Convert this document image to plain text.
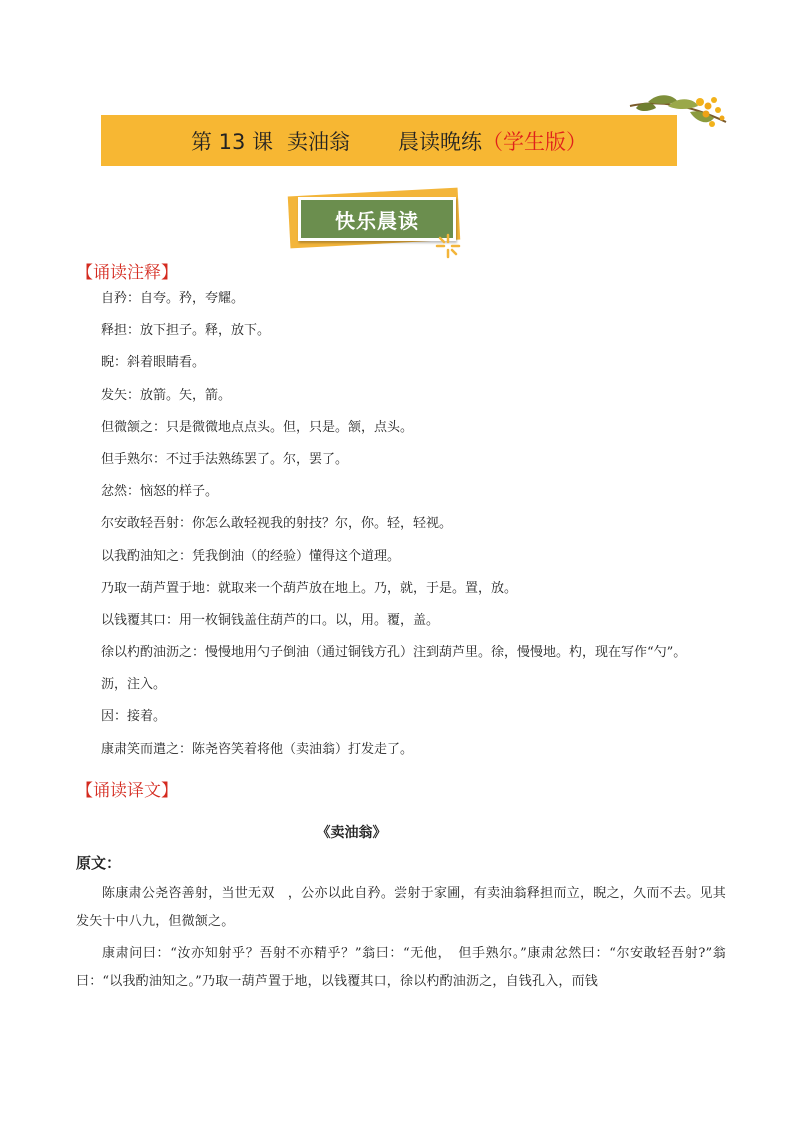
第 13 课 卖油翁 晨读晚练 （学生版）
快乐晨读
【诵读注释】
自矜：自夸。矜，夸耀。
释担：放下担子。释，放下。
睨：斜着眼睛看。
发矢：放箭。矢，箭。
但微颔之：只是微微地点点头。但，只是。颔，点头。
但手熟尔：不过手法熟练罢了。尔，罢了。
忿然：恼怒的样子。
尔安敢轻吾射：你怎么敢轻视我的射技？尔，你。轻，轻视。
以我酌油知之：凭我倒油（的经验）懂得这个道理。
乃取一葫芦置于地：就取来一个葫芦放在地上。乃，就，于是。置，放。
以钱覆其口：用一枚铜钱盖住葫芦的口。以，用。覆，盖。
徐以杓酌油沥之：慢慢地用勺子倒油（通过铜钱方孔）注到葫芦里。徐，慢慢地。杓，现在写作“勺”。
沥，注入。
因：接着。
康肃笑而遣之：陈尧咨笑着将他（卖油翁）打发走了。
【诵读译文】
《卖油翁》
原文：

陈康肃公尧咨善射，当世无双　，公亦以此自矜。尝射于家圃，有卖油翁释担而立，睨之，久而不去。见其发矢十中八九，但微颔之。

康肃问曰：“汝亦知射乎？吾射不亦精乎？”翁曰：“无他，　但手熟尔。”康肃忿然曰：“尔安敢轻吾射?”翁曰：“以我酌油知之。”乃取一葫芦置于地，以钱覆其口，徐以杓酌油沥之，自钱孔入，而钱
